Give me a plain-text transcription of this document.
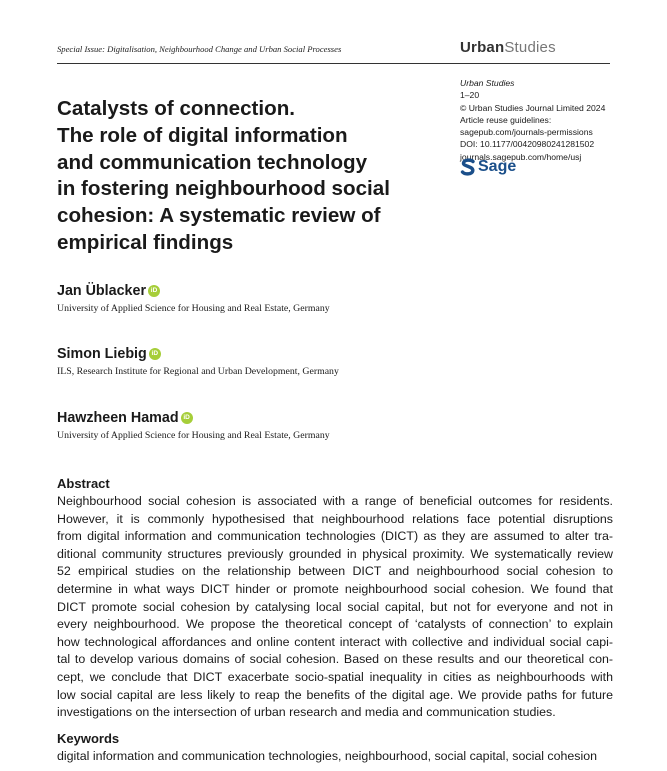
Special Issue: Digitalisation, Neighbourhood Change and Urban Social Processes	UrbanStudies
Urban Studies
1–20
© Urban Studies Journal Limited 2024
Article reuse guidelines:
sagepub.com/journals-permissions
DOI: 10.1177/00420980241281502
journals.sagepub.com/home/usj
Sage
Catalysts of connection.
The role of digital information
and communication technology
in fostering neighbourhood social
cohesion: A systematic review of
empirical findings
Jan Üblacker iD
University of Applied Science for Housing and Real Estate, Germany
Simon Liebig iD
ILS, Research Institute for Regional and Urban Development, Germany
Hawzheen Hamad iD
University of Applied Science for Housing and Real Estate, Germany
Abstract

Neighbourhood social cohesion is associated with a range of beneficial outcomes for residents.
However, it is commonly hypothesised that neighbourhood relations face potential disruptions
from digital information and communication technologies (DICT) as they are assumed to alter tra-
ditional community structures previously grounded in physical proximity. We systematically review
52 empirical studies on the relationship between DICT and neighbourhood social cohesion to
determine in what ways DICT hinder or promote neighbourhood social cohesion. We found that
DICT promote social cohesion by catalysing local social capital, but not for everyone and not in
every neighbourhood. We propose the theoretical concept of ‘catalysts of connection’ to explain
how technological affordances and online content interact with collective and individual social capi-
tal to develop various domains of social cohesion. Based on these results and our theoretical con-
cept, we conclude that DICT exacerbate socio-spatial inequality in cities as neighbourhoods with
low social capital are less likely to reap the benefits of the digital age. We provide paths for future
investigations on the intersection of urban research and media and communication studies.

Keywords

digital information and communication technologies, neighbourhood, social capital, social cohesion
